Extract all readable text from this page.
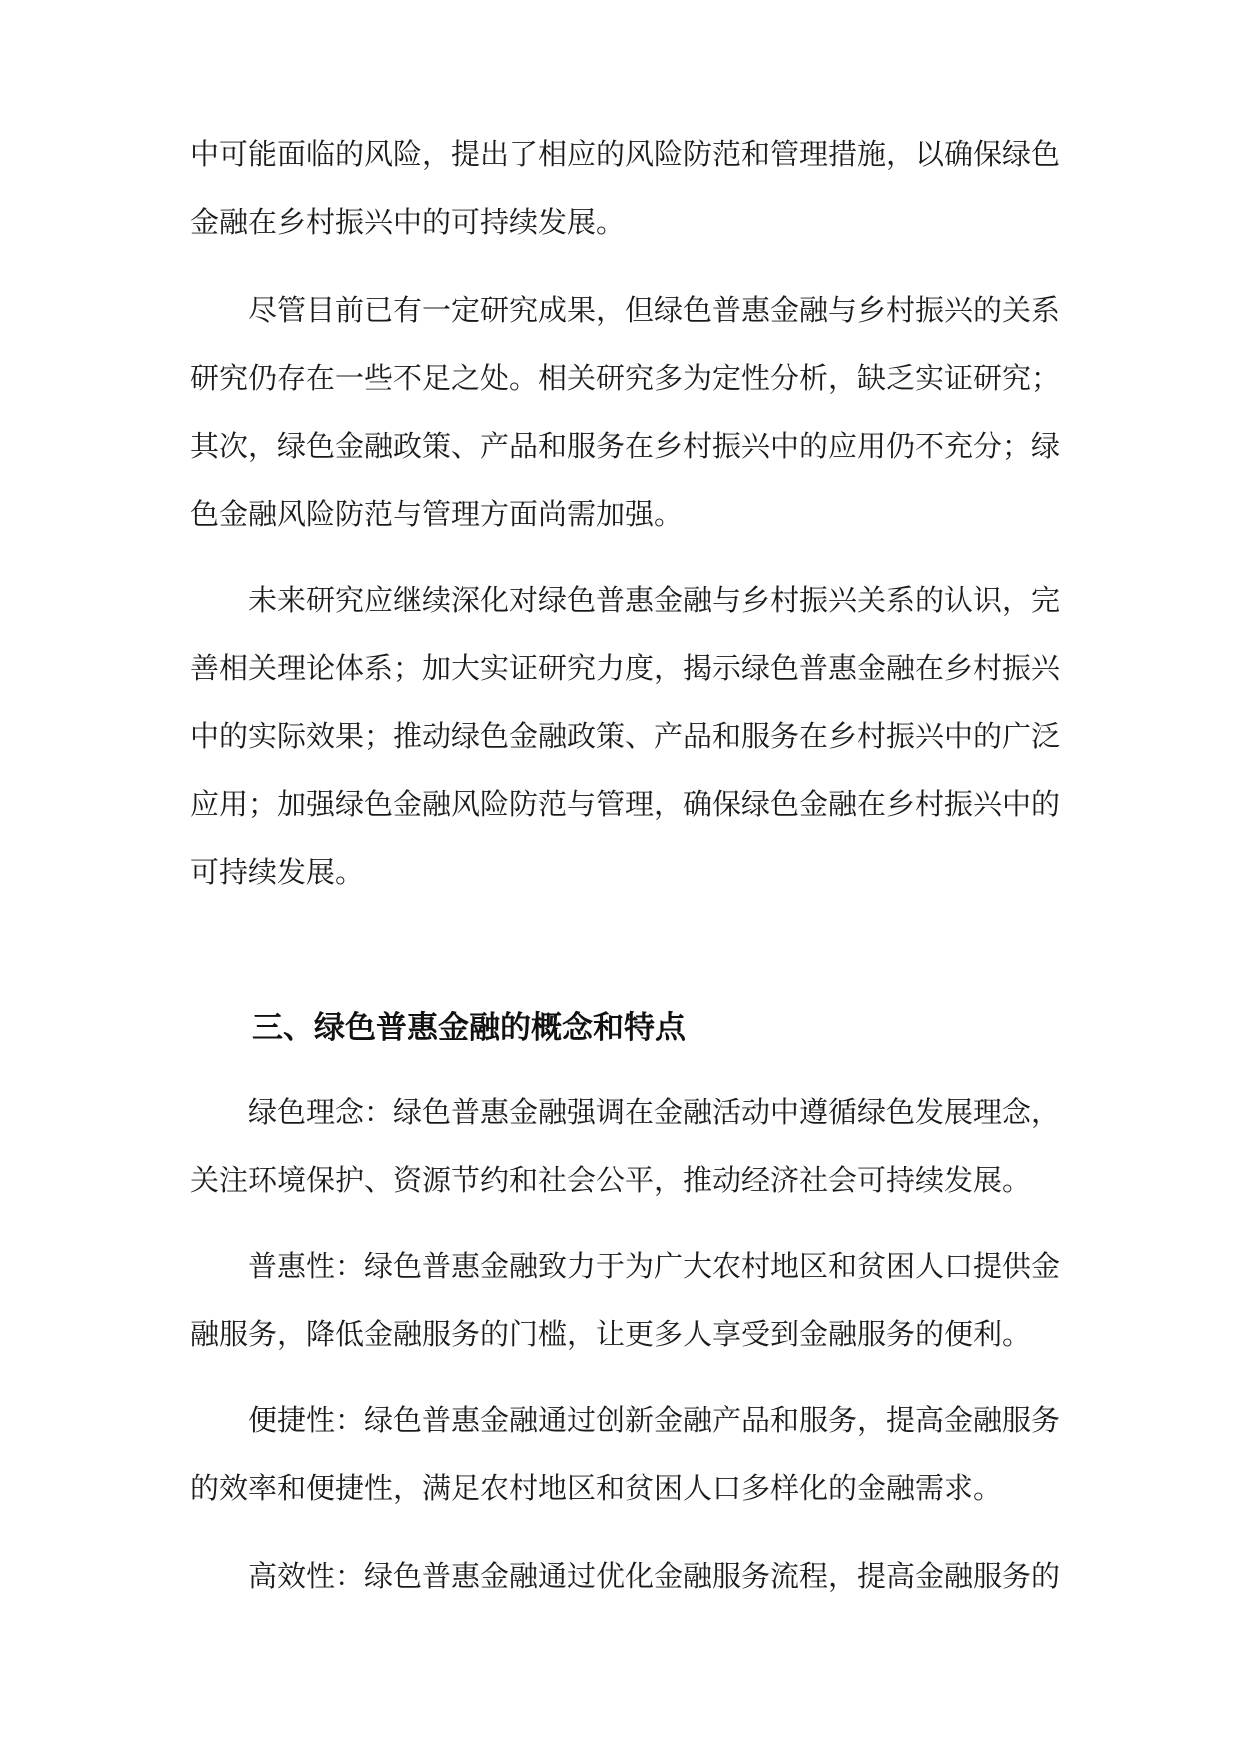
中可能面临的风险，提出了相应的风险防范和管理措施，以确保绿色
金融在乡村振兴中的可持续发展。
尽管目前已有一定研究成果，但绿色普惠金融与乡村振兴的关系
研究仍存在一些不足之处。相关研究多为定性分析，缺乏实证研究；
其次，绿色金融政策、产品和服务在乡村振兴中的应用仍不充分；绿
色金融风险防范与管理方面尚需加强。
未来研究应继续深化对绿色普惠金融与乡村振兴关系的认识，完
善相关理论体系；加大实证研究力度，揭示绿色普惠金融在乡村振兴
中的实际效果；推动绿色金融政策、产品和服务在乡村振兴中的广泛
应用；加强绿色金融风险防范与管理，确保绿色金融在乡村振兴中的
可持续发展。
三、绿色普惠金融的概念和特点
绿色理念：绿色普惠金融强调在金融活动中遵循绿色发展理念，
关注环境保护、资源节约和社会公平，推动经济社会可持续发展。
普惠性：绿色普惠金融致力于为广大农村地区和贫困人口提供金
融服务，降低金融服务的门槛，让更多人享受到金融服务的便利。
便捷性：绿色普惠金融通过创新金融产品和服务，提高金融服务
的效率和便捷性，满足农村地区和贫困人口多样化的金融需求。
高效性：绿色普惠金融通过优化金融服务流程，提高金融服务的
